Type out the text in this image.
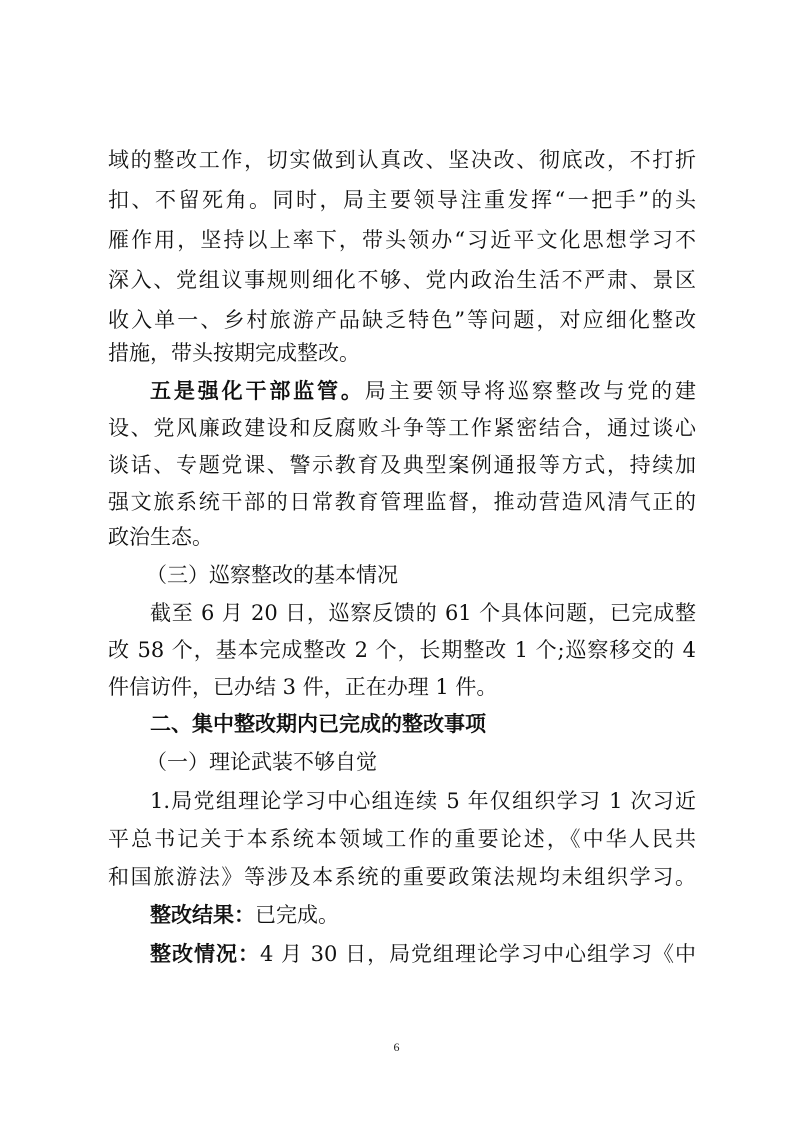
域的整改工作，切实做到认真改、坚决改、彻底改，不打折
扣、不留死角。同时，局主要领导注重发挥“一把手”的头
雁作用，坚持以上率下，带头领办“习近平文化思想学习不
深入、党组议事规则细化不够、党内政治生活不严肃、景区
收入单一、乡村旅游产品缺乏特色”等问题，对应细化整改
措施，带头按期完成整改。
五是强化干部监管。局主要领导将巡察整改与党的建
设、党风廉政建设和反腐败斗争等工作紧密结合，通过谈心
谈话、专题党课、警示教育及典型案例通报等方式，持续加
强文旅系统干部的日常教育管理监督，推动营造风清气正的
政治生态。
（三）巡察整改的基本情况
截至 6 月 20 日，巡察反馈的 61 个具体问题，已完成整
改 58 个，基本完成整改 2 个，长期整改 1 个;巡察移交的 4
件信访件，已办结 3 件，正在办理 1 件。
二、集中整改期内已完成的整改事项
（一）理论武装不够自觉
1.局党组理论学习中心组连续 5 年仅组织学习 1 次习近
平总书记关于本系统本领域工作的重要论述，《中华人民共
和国旅游法》等涉及本系统的重要政策法规均未组织学习。
整改结果：已完成。
整改情况：4 月 30 日，局党组理论学习中心组学习《中
6
